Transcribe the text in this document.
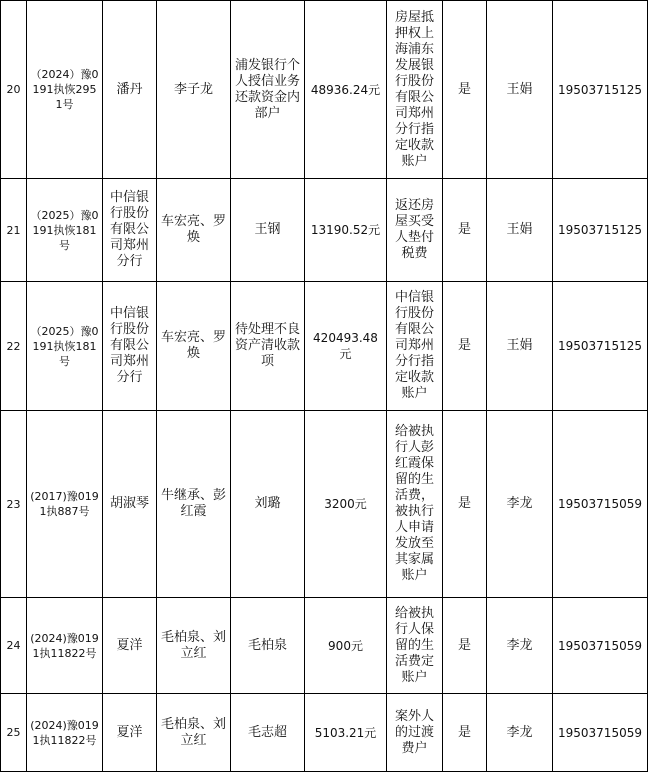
20	（2024）豫0191执恢2951号	潘丹	李子龙	浦发银行个人授信业务还款资金内部户	48936.24元	房屋抵押权上海浦东发展银行股份有限公司郑州分行指定收款账户	是	王娟	19503715125
21	（2025）豫0191执恢181号	中信银行股份有限公司郑州分行	车宏亮、罗焕	王钢	13190.52元	返还房屋买受人垫付税费	是	王娟	19503715125
22	（2025）豫0191执恢181号	中信银行股份有限公司郑州分行	车宏亮、罗焕	待处理不良资产清收款项	420493.48元	中信银行股份有限公司郑州分行指定收款账户	是	王娟	19503715125
23	(2017)豫0191执887号	胡淑琴	牛继承、彭红霞	刘璐	3200元	给被执行人彭红霞保留的生活费，被执行人申请发放至其家属账户	是	李龙	19503715059
24	(2024)豫0191执11822号	夏洋	毛柏泉、刘立红	毛柏泉	900元	给被执行人保留的生活费定账户	是	李龙	19503715059
25	(2024)豫0191执11822号	夏洋	毛柏泉、刘立红	毛志超	5103.21元	案外人的过渡费户	是	李龙	19503715059
